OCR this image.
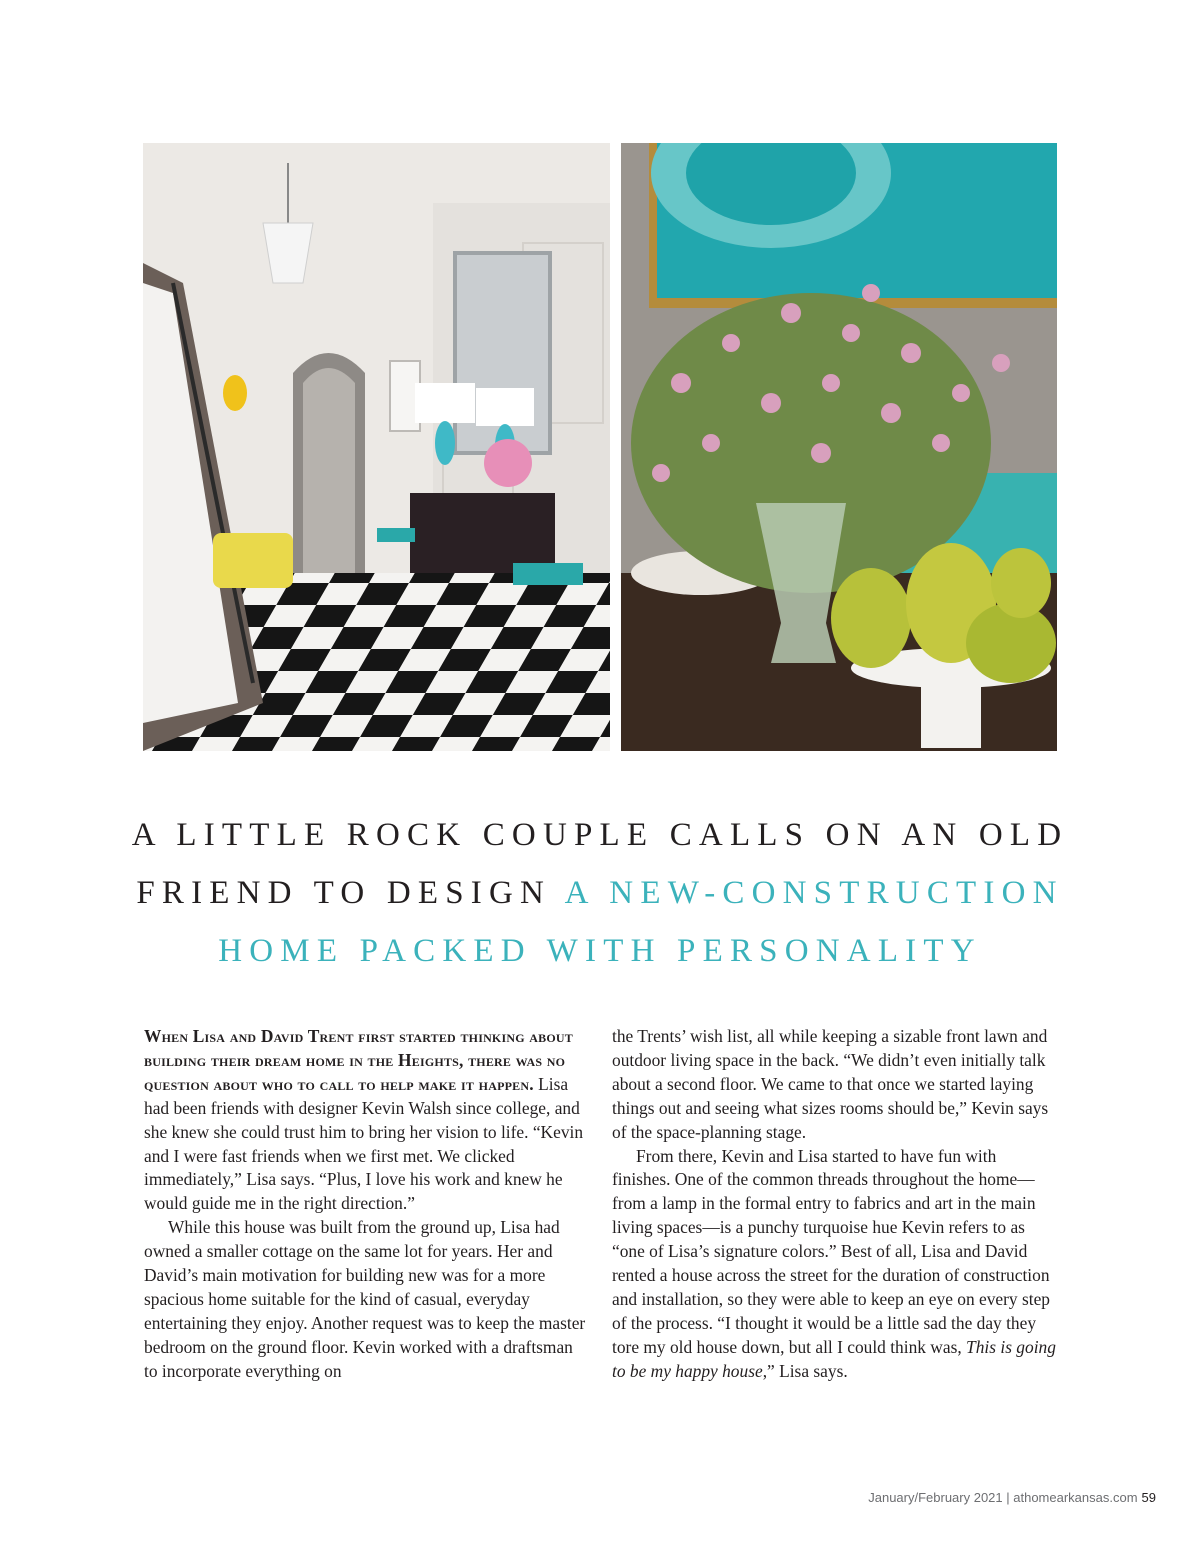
A LITTLE ROCK COUPLE CALLS ON AN OLD
FRIEND TO DESIGN A NEW-CONSTRUCTION
HOME PACKED WITH PERSONALITY

When Lisa and David Trent first started thinking about building their dream home in the Heights, there was no question about who to call to help make it happen. Lisa had been friends with designer Kevin Walsh since college, and she knew she could trust him to bring her vision to life. “Kevin and I were fast friends when we first met. We clicked immediately,” Lisa says. “Plus, I love his work and knew he would guide me in the right direction.”

While this house was built from the ground up, Lisa had owned a smaller cottage on the same lot for years. Her and David’s main motivation for building new was for a more spacious home suitable for the kind of casual, everyday entertaining they enjoy. Another request was to keep the master bedroom on the ground floor. Kevin worked with a draftsman to incorporate everything on

the Trents’ wish list, all while keeping a sizable front lawn and outdoor living space in the back. “We didn’t even initially talk about a second floor. We came to that once we started laying things out and seeing what sizes rooms should be,” Kevin says of the space-planning stage.

From there, Kevin and Lisa started to have fun with finishes. One of the common threads throughout the home—from a lamp in the formal entry to fabrics and art in the main living spaces—is a punchy turquoise hue Kevin refers to as “one of Lisa’s signature colors.” Best of all, Lisa and David rented a house across the street for the duration of construction and installation, so they were able to keep an eye on every step of the process. “I thought it would be a little sad the day they tore my old house down, but all I could think was, This is going to be my happy house,” Lisa says.

January/February 2021 | athomearkansas.com 59
